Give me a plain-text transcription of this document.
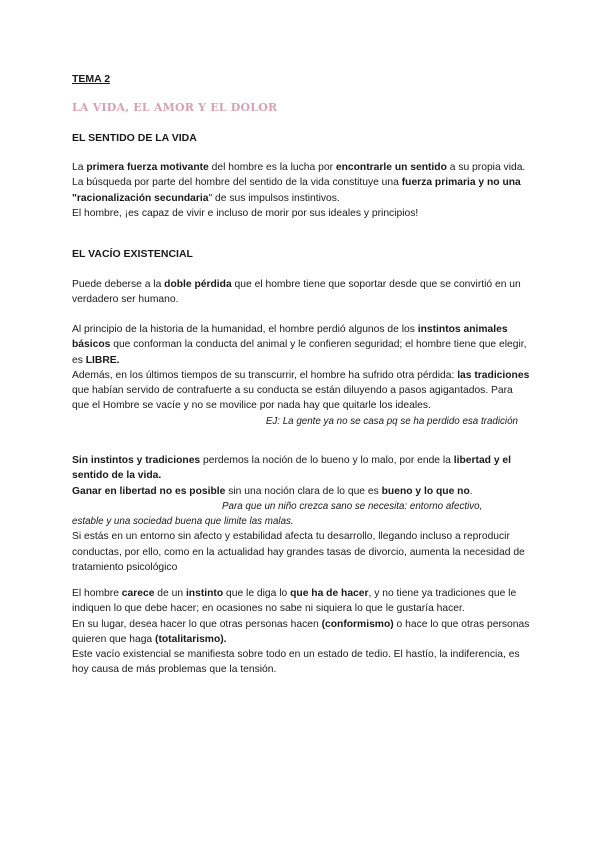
TEMA 2
LA VIDA, EL AMOR Y EL DOLOR
EL SENTIDO DE LA VIDA

La primera fuerza motivante del hombre es la lucha por encontrarle un sentido a su propia vida.

La búsqueda por parte del hombre del sentido de la vida constituye una fuerza primaria y no una "racionalización secundaria" de sus impulsos instintivos.

El hombre, ¡es capaz de vivir e incluso de morir por sus ideales y principios!

EL VACÍO EXISTENCIAL

Puede deberse a la doble pérdida que el hombre tiene que soportar desde que se convirtió en un verdadero ser humano.

Al principio de la historia de la humanidad, el hombre perdió algunos de los instintos animales básicos que conforman la conducta del animal y le confieren seguridad; el hombre tiene que elegir, es LIBRE.

Además, en los últimos tiempos de su transcurrir, el hombre ha sufrido otra pérdida: las tradiciones que habían servido de contrafuerte a su conducta se están diluyendo a pasos agigantados. Para que el Hombre se vacíe y no se movilice por nada hay que quitarle los ideales.

EJ: La gente ya no se casa pq se ha perdido esa tradición

Sin instintos y tradiciones perdemos la noción de lo bueno y lo malo, por ende la libertad y el sentido de la vida.

Ganar en libertad no es posible sin una noción clara de lo que es bueno y lo que no.

Para que un niño crezca sano se necesita: entorno afectivo,
estable y una sociedad buena que limite las malas.

Si estás en un entorno sin afecto y estabilidad afecta tu desarrollo, llegando incluso a reproducir conductas, por ello, como en la actualidad hay grandes tasas de divorcio, aumenta la necesidad de tratamiento psicológico

El hombre carece de un instinto que le diga lo que ha de hacer, y no tiene ya tradiciones que le indiquen lo que debe hacer; en ocasiones no sabe ni siquiera lo que le gustaría hacer.

En su lugar, desea hacer lo que otras personas hacen (conformismo) o hace lo que otras personas quieren que haga (totalitarismo).

Este vacío existencial se manifiesta sobre todo en un estado de tedio. El hastío, la indiferencia, es hoy causa de más problemas que la tensión.
